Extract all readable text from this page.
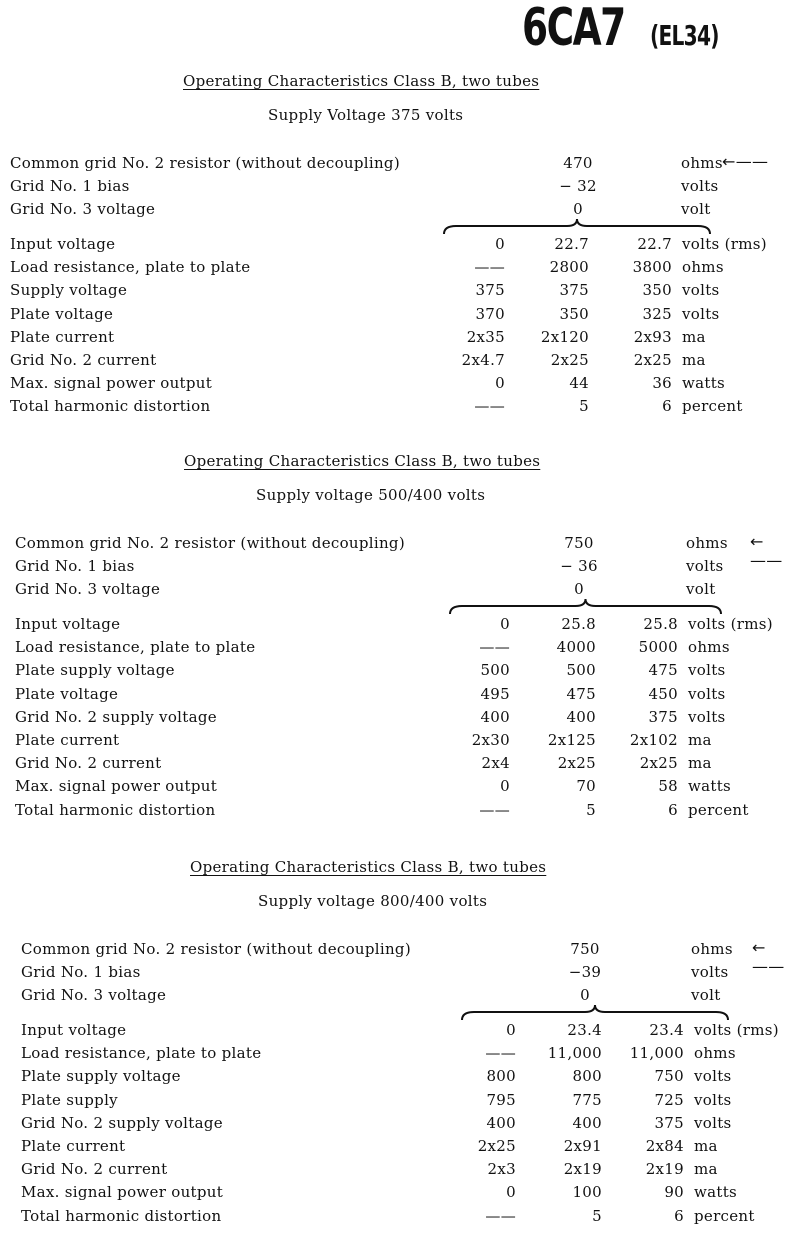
6CA7 (EL34)
Operating Characteristics Class B, two tubes
Supply Voltage 375 volts
Common grid No. 2 resistor (without decoupling)	470	ohms ←——
Grid No. 1 bias	− 32	volts
Grid No. 3 voltage	0	volt
Input voltage	0	22.7	22.7 volts (rms)
Load resistance, plate to plate	——	2800	3800 ohms
Supply voltage	375	375	350 volts
Plate voltage	370	350	325 volts
Plate current	2x35	2x120	2x93 ma
Grid No. 2 current	2x4.7	2x25	2x25 ma
Max. signal power output	0	44	36 watts
Total harmonic distortion	——	5	6 percent
Operating Characteristics Class B, two tubes
Supply voltage 500/400 volts
Common grid No. 2 resistor (without decoupling)	750	ohms ←——
Grid No. 1 bias	− 36	volts
Grid No. 3 voltage	0	volt
Input voltage	0	25.8	25.8 volts (rms)
Load resistance, plate to plate	——	4000	5000 ohms
Plate supply voltage	500	500	475 volts
Plate voltage	495	475	450 volts
Grid No. 2 supply voltage	400	400	375 volts
Plate current	2x30	2x125	2x102 ma
Grid No. 2 current	2x4	2x25	2x25 ma
Max. signal power output	0	70	58 watts
Total harmonic distortion	——	5	6 percent
Operating Characteristics Class B, two tubes
Supply voltage 800/400 volts
Common grid No. 2 resistor (without decoupling)	750	ohms ←——
Grid No. 1 bias	−39	volts
Grid No. 3 voltage	0	volt
Input voltage	0	23.4	23.4 volts (rms)
Load resistance, plate to plate	——	11,000	11,000 ohms
Plate supply voltage	800	800	750 volts
Plate supply	795	775	725 volts
Grid No. 2 supply voltage	400	400	375 volts
Plate current	2x25	2x91	2x84 ma
Grid No. 2 current	2x3	2x19	2x19 ma
Max. signal power output	0	100	90 watts
Total harmonic distortion	——	5	6 percent
